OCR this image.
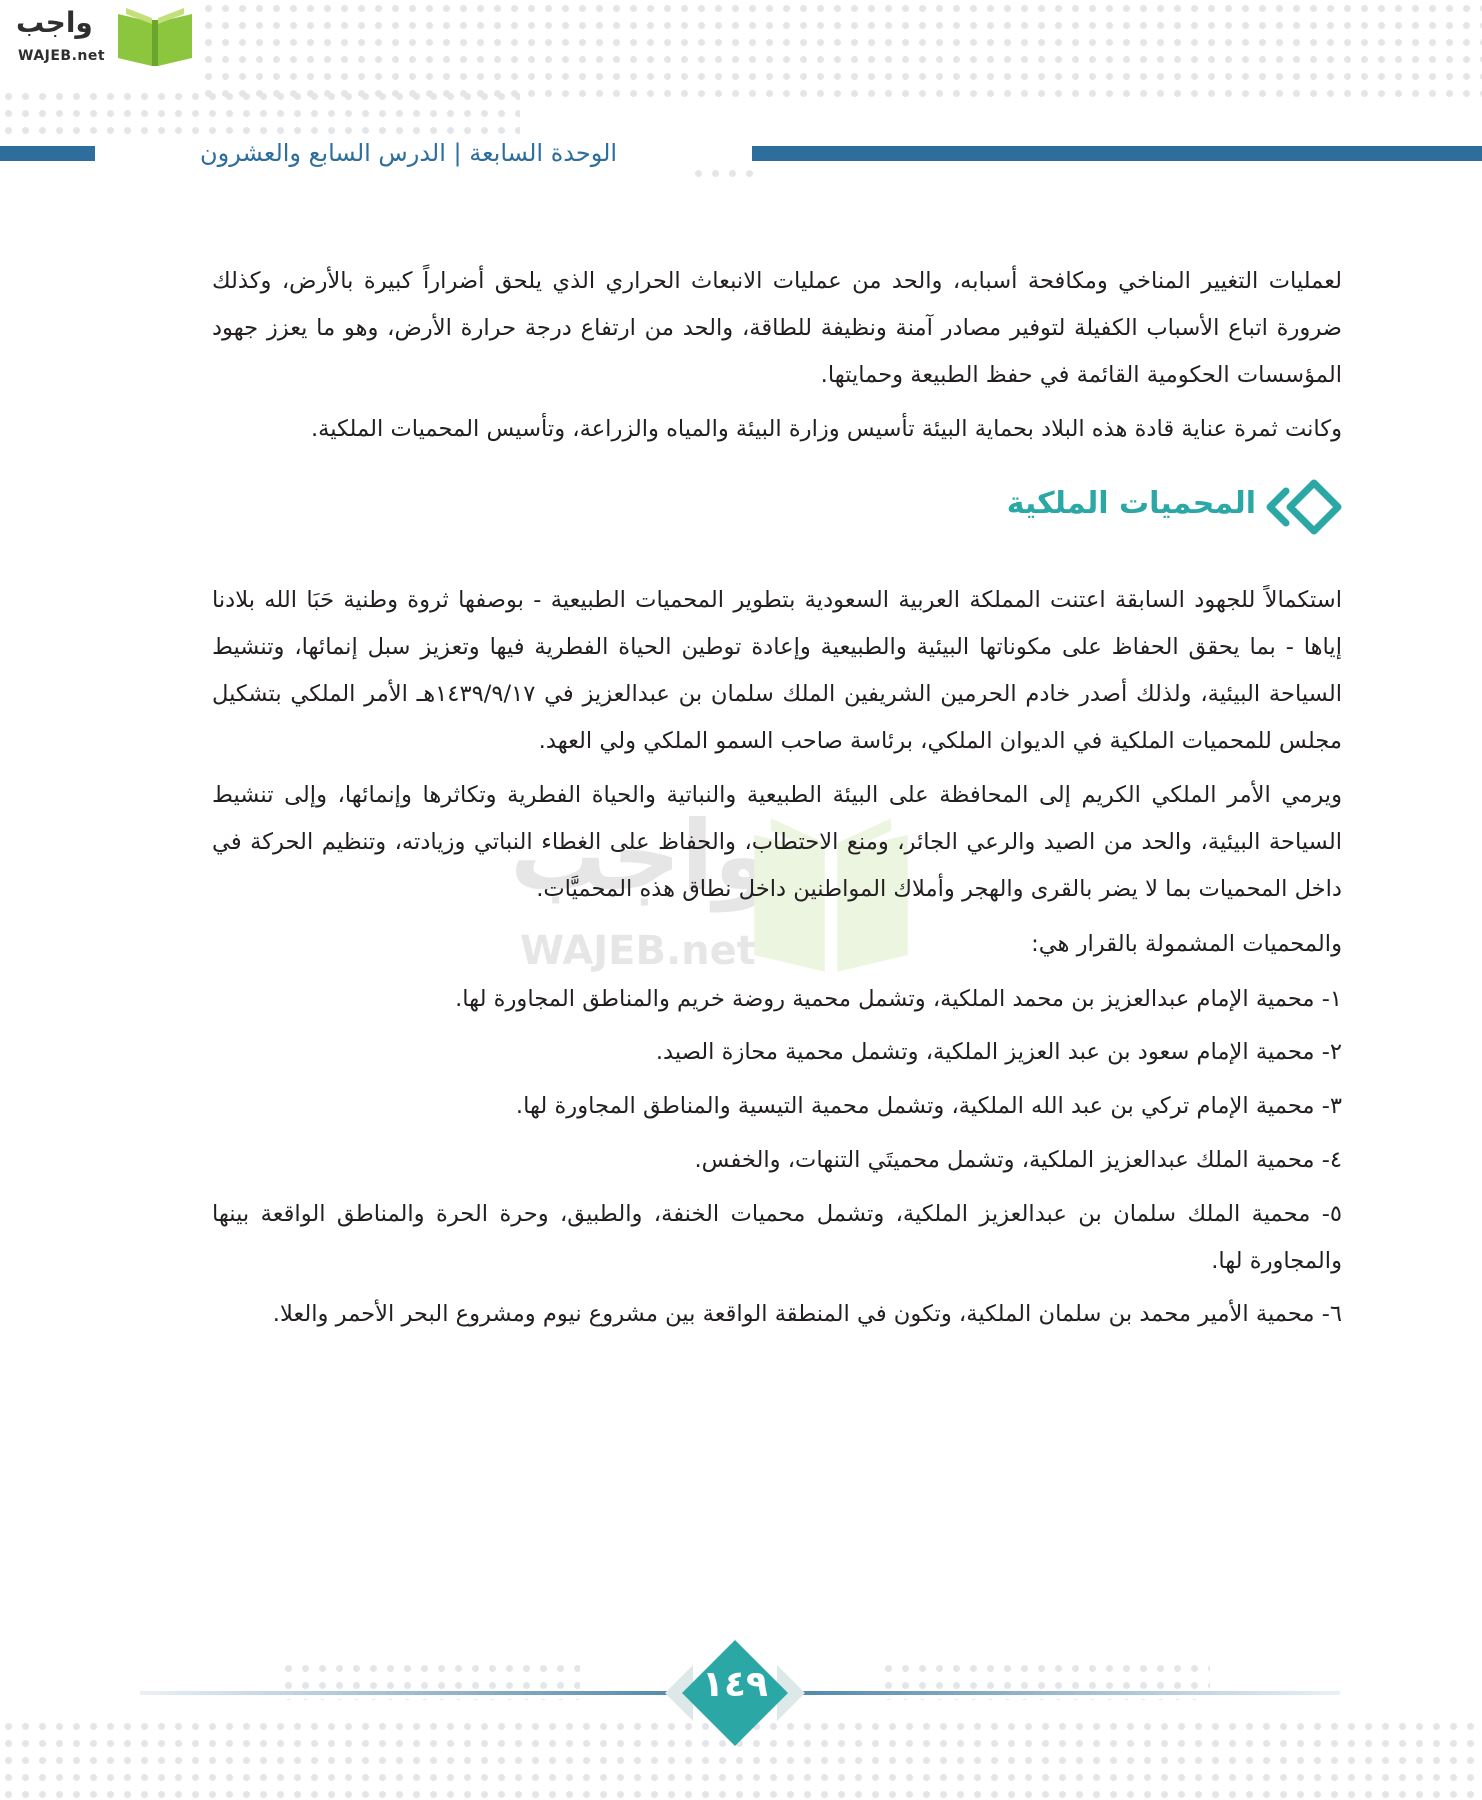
واجب
WAJEB.net
الوحدة السابعة | الدرس السابع والعشرون
واجب
WAJEB.net

لعمليات التغيير المناخي ومكافحة أسبابه، والحد من عمليات الانبعاث الحراري الذي يلحق أضراراً كبيرة بالأرض، وكذلك ضرورة اتباع الأسباب الكفيلة لتوفير مصادر آمنة ونظيفة للطاقة، والحد من ارتفاع درجة حرارة الأرض، وهو ما يعزز جهود المؤسسات الحكومية القائمة في حفظ الطبيعة وحمايتها.

وكانت ثمرة عناية قادة هذه البلاد بحماية البيئة تأسيس وزارة البيئة والمياه والزراعة، وتأسيس المحميات الملكية.

المحميات الملكية

استكمالاً للجهود السابقة اعتنت المملكة العربية السعودية بتطوير المحميات الطبيعية - بوصفها ثروة وطنية حَبَا الله بلادنا إياها - بما يحقق الحفاظ على مكوناتها البيئية والطبيعية وإعادة توطين الحياة الفطرية فيها وتعزيز سبل إنمائها، وتنشيط السياحة البيئية، ولذلك أصدر خادم الحرمين الشريفين الملك سلمان بن عبدالعزيز في ١٤٣٩/٩/١٧هـ الأمر الملكي بتشكيل مجلس للمحميات الملكية في الديوان الملكي، برئاسة صاحب السمو الملكي ولي العهد.

ويرمي الأمر الملكي الكريم إلى المحافظة على البيئة الطبيعية والنباتية والحياة الفطرية وتكاثرها وإنمائها، وإلى تنشيط السياحة البيئية، والحد من الصيد والرعي الجائر، ومنع الاحتطاب، والحفاظ على الغطاء النباتي وزيادته، وتنظيم الحركة في داخل المحميات بما لا يضر بالقرى والهجر وأملاك المواطنين داخل نطاق هذه المحميَّات.

والمحميات المشمولة بالقرار هي:

١- محمية الإمام عبدالعزيز بن محمد الملكية، وتشمل محمية روضة خريم والمناطق المجاورة لها.
٢- محمية الإمام سعود بن عبد العزيز الملكية، وتشمل محمية محازة الصيد.
٣- محمية الإمام تركي بن عبد الله الملكية، وتشمل محمية التيسية والمناطق المجاورة لها.
٤- محمية الملك عبدالعزيز الملكية، وتشمل محميتَي التنهات، والخفس.
٥- محمية الملك سلمان بن عبدالعزيز الملكية، وتشمل محميات الخنفة، والطبيق، وحرة الحرة والمناطق الواقعة بينها والمجاورة لها.
٦- محمية الأمير محمد بن سلمان الملكية، وتكون في المنطقة الواقعة بين مشروع نيوم ومشروع البحر الأحمر والعلا.
١٤٩
